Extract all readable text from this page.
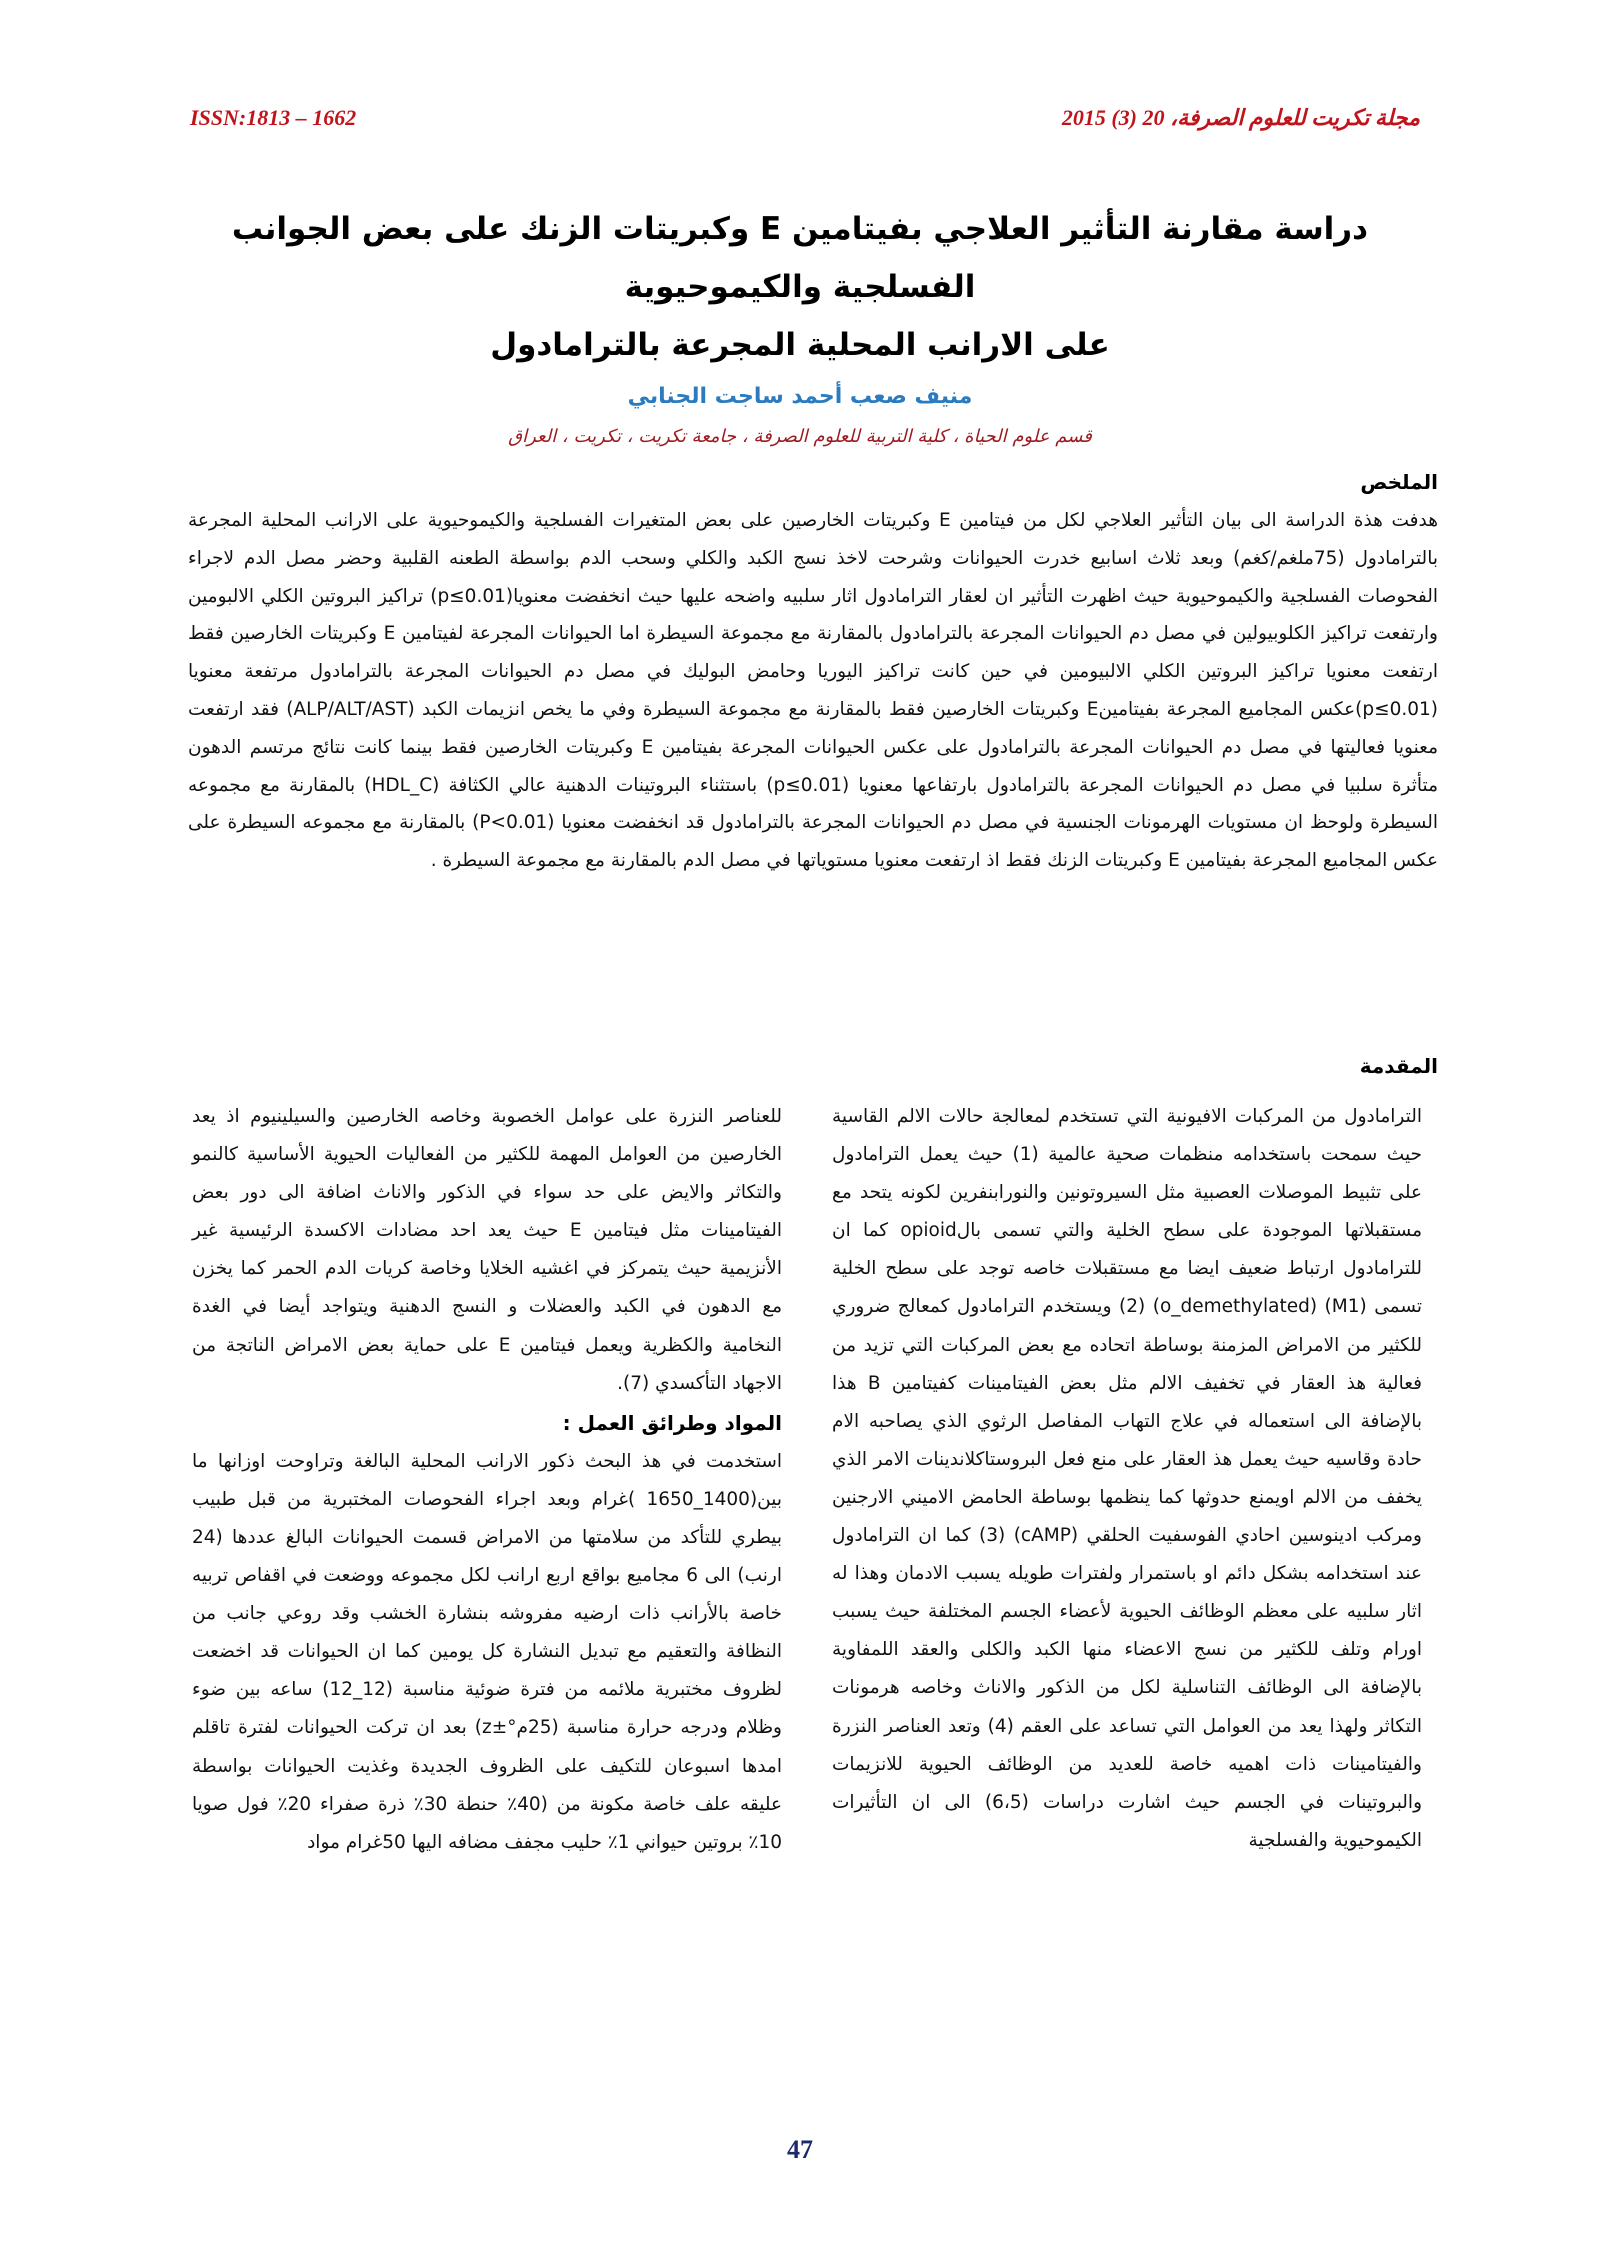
ISSN:1813 – 1662	مجلة تكريت للعلوم الصرفة، 20 (3) 2015
دراسة مقارنة التأثير العلاجي بفيتامين E وكبريتات الزنك على بعض الجوانب الفسلجية والكيموحيوية
على الارانب المحلية المجرعة بالترامادول
منيف صعب أحمد ساجت الجنابي
قسم علوم الحياة ، كلية التربية للعلوم الصرفة ، جامعة تكريت ، تكريت ، العراق
الملخص

هدفت هذة الدراسة الى بيان التأثير العلاجي لكل من فيتامين E وكبريتات الخارصين على بعض المتغيرات الفسلجية والكيموحيوية على الارانب المحلية المجرعة بالترامادول (75ملغم/كغم) وبعد ثلاث اسابيع خدرت الحيوانات وشرحت لاخذ نسج الكبد والكلي وسحب الدم بواسطة الطعنه القلبية وحضر مصل الدم لاجراء الفحوصات الفسلجية والكيموحيوية حيث اظهرت التأثير ان لعقار الترامادول اثار سلبيه واضحه عليها حيث انخفضت معنويا(p≤0.01) تراكيز البروتين الكلي الالبومين وارتفعت تراكيز الكلوبيولين في مصل دم الحيوانات المجرعة بالترامادول بالمقارنة مع مجموعة السيطرة اما الحيوانات المجرعة لفيتامين E وكبريتات الخارصين فقط ارتفعت معنويا تراكيز البروتين الكلي الالبيومين في حين كانت تراكيز اليوريا وحامض البوليك في مصل دم الحيوانات المجرعة بالترامادول مرتفعة معنويا (p≤0.01)عكس المجاميع المجرعة بفيتامينE وكبريتات الخارصين فقط بالمقارنة مع مجموعة السيطرة وفي ما يخص انزيمات الكبد (ALP/ALT/AST) فقد ارتفعت معنويا فعاليتها في مصل دم الحيوانات المجرعة بالترامادول على عكس الحيوانات المجرعة بفيتامين E وكبريتات الخارصين فقط بينما كانت نتائج مرتسم الدهون متأثرة سلبيا في مصل دم الحيوانات المجرعة بالترامادول بارتفاعها معنويا (p≤0.01) باستثناء البروتينات الدهنية عالي الكثافة (HDL_C) بالمقارنة مع مجموعه السيطرة ولوحظ ان مستويات الهرمونات الجنسية في مصل دم الحيوانات المجرعة بالترامادول قد انخفضت معنويا (P<0.01) بالمقارنة مع مجموعه السيطرة على عكس المجاميع المجرعة بفيتامين E وكبريتات الزنك فقط اذ ارتفعت معنويا مستوياتها في مصل الدم بالمقارنة مع مجموعة السيطرة .

المقدمة

الترامادول من المركبات الافيونية التي تستخدم لمعالجة حالات الالم القاسية حيث سمحت باستخدامه منظمات صحية عالمية (1) حيث يعمل الترامادول على تثبيط الموصلات العصبية مثل السيروتونين والنورابنفرين لكونه يتحد مع مستقبلاتها الموجودة على سطح الخلية والتي تسمى بالopioid كما ان للترامادول ارتباط ضعيف ايضا مع مستقبلات خاصه توجد على سطح الخلية تسمى (M1) (o_demethylated) (2) ويستخدم الترامادول كمعالج ضروري للكثير من الامراض المزمنة بوساطة اتحاده مع بعض المركبات التي تزيد من فعالية هذ العقار في تخفيف الالم مثل بعض الفيتامينات كفيتامين B هذا بالإضافة الى استعماله في علاج التهاب المفاصل الرثوي الذي يصاحبه الام حادة وقاسيه حيث يعمل هذ العقار على منع فعل البروستاكلاندينات الامر الذي يخفف من الالم اويمنع حدوثها كما ينظمها بوساطة الحامض الاميني الارجنين ومركب ادينوسين احادي الفوسفيت الحلقي (cAMP) (3) كما ان الترامادول عند استخدامه بشكل دائم او باستمرار ولفترات طويله يسبب الادمان وهذا له اثار سلبيه على معظم الوظائف الحيوية لأعضاء الجسم المختلفة حيث يسبب اورام وتلف للكثير من نسج الاعضاء منها الكبد والكلى والعقد اللمفاوية بالإضافة الى الوظائف التناسلية لكل من الذكور والاناث وخاصه هرمونات التكاثر ولهذا يعد من العوامل التي تساعد على العقم (4) وتعد العناصر النزرة والفيتامينات ذات اهميه خاصة للعديد من الوظائف الحيوية للانزيمات والبروتينات في الجسم حيث اشارت دراسات (6،5) الى ان التأثيرات الكيموحيوية والفسلجية

للعناصر النزرة على عوامل الخصوبة وخاصه الخارصين والسيلينيوم اذ يعد الخارصين من العوامل المهمة للكثير من الفعاليات الحيوية الأساسية كالنمو والتكاثر والايض على حد سواء في الذكور والاناث اضافة الى دور بعض الفيتامينات مثل فيتامين E حيث يعد احد مضادات الاكسدة الرئيسية غير الأنزيمية حيث يتمركز في اغشيه الخلايا وخاصة كريات الدم الحمر كما يخزن مع الدهون في الكبد والعضلات و النسج الدهنية ويتواجد أيضا في الغدة النخامية والكظرية ويعمل فيتامين E على حماية بعض الامراض الناتجة من الاجهاد التأكسدي (7).

المواد وطرائق العمل :

استخدمت في هذ البحث ذكور الارانب المحلية البالغة وتراوحت اوزانها ما بين(1400_1650 )غرام وبعد اجراء الفحوصات المختبرية من قبل طبيب بيطري للتأكد من سلامتها من الامراض قسمت الحيوانات البالغ عددها (24 ارنب) الى 6 مجاميع بواقع اربع ارانب لكل مجموعه ووضعت في اقفاص تربيه خاصة بالأرانب ذات ارضيه مفروشه بنشارة الخشب وقد روعي جانب من النظافة والتعقيم مع تبديل النشارة كل يومين كما ان الحيوانات قد اخضعت لظروف مختبرية ملائمه من فترة ضوئية مناسبة (12_12) ساعه بين ضوء وظلام ودرجه حرارة مناسبة (25م°±z) بعد ان تركت الحيوانات لفترة تاقلم امدها اسبوعان للتكيف على الظروف الجديدة وغذيت الحيوانات بواسطة عليقه علف خاصة مكونة من (40٪ حنطة 30٪ ذرة صفراء 20٪ فول صويا 10٪ بروتين حيواني 1٪ حليب مجفف مضافه اليها 50غرام مواد

47
